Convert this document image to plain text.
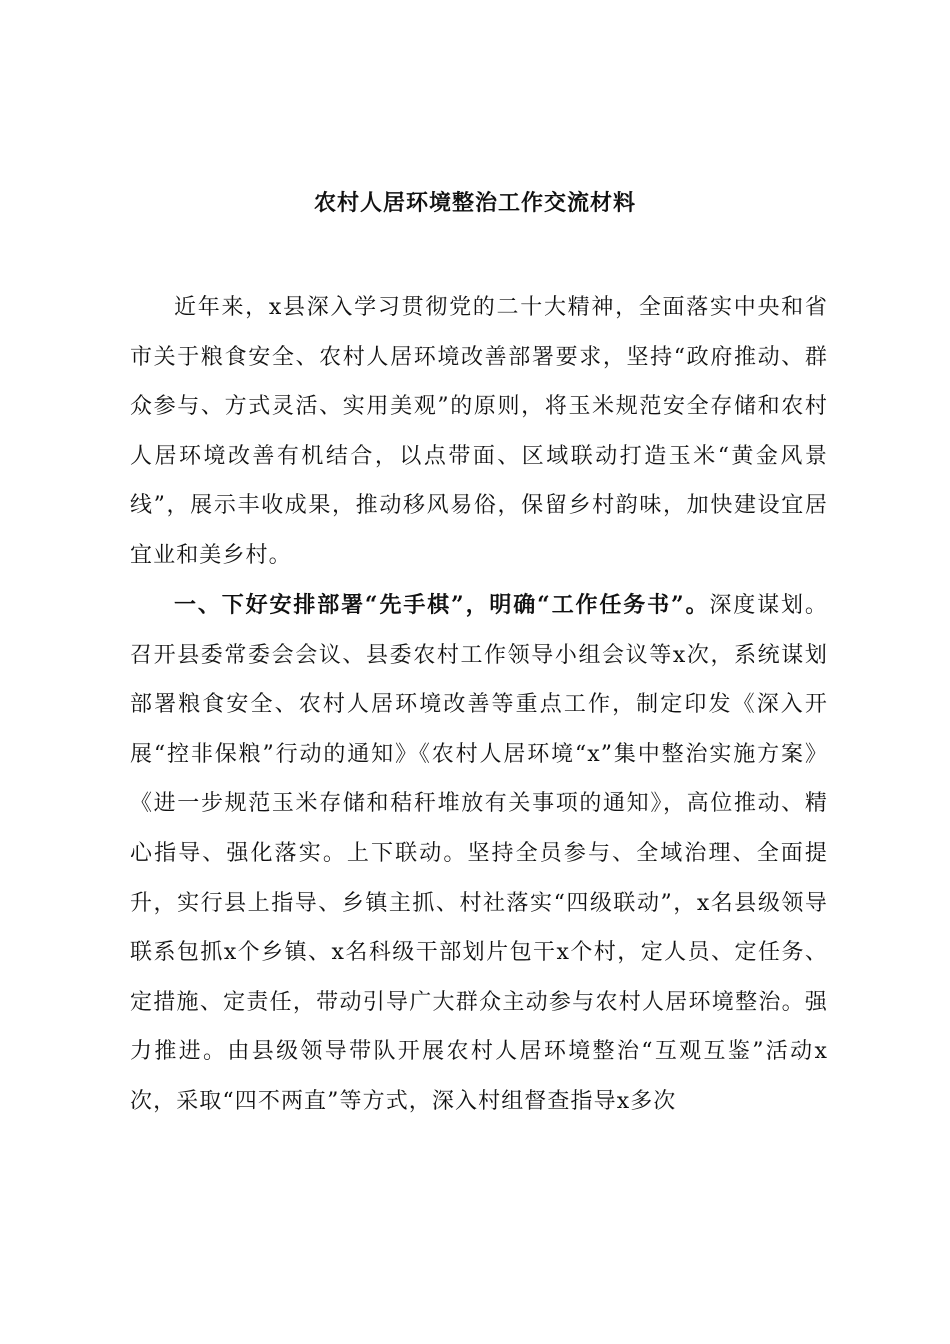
农村人居环境整治工作交流材料

近年来，x县深入学习贯彻党的二十大精神，全面落实中央和省市关于粮食安全、农村人居环境改善部署要求，坚持“政府推动、群众参与、方式灵活、实用美观”的原则，将玉米规范安全存储和农村人居环境改善有机结合，以点带面、区域联动打造玉米“黄金风景线”，展示丰收成果，推动移风易俗，保留乡村韵味，加快建设宜居宜业和美乡村。

一、下好安排部署“先手棋”，明确“工作任务书”。深度谋划。召开县委常委会会议、县委农村工作领导小组会议等x次，系统谋划部署粮食安全、农村人居环境改善等重点工作，制定印发《深入开展“控非保粮”行动的通知》《农村人居环境“x”集中整治实施方案》《进一步规范玉米存储和秸秆堆放有关事项的通知》，高位推动、精心指导、强化落实。上下联动。坚持全员参与、全域治理、全面提升，实行县上指导、乡镇主抓、村社落实“四级联动”，x名县级领导联系包抓x个乡镇、x名科级干部划片包干x个村，定人员、定任务、定措施、定责任，带动引导广大群众主动参与农村人居环境整治。强力推进。由县级领导带队开展农村人居环境整治“互观互鉴”活动x次，采取“四不两直”等方式，深入村组督查指导x多次
